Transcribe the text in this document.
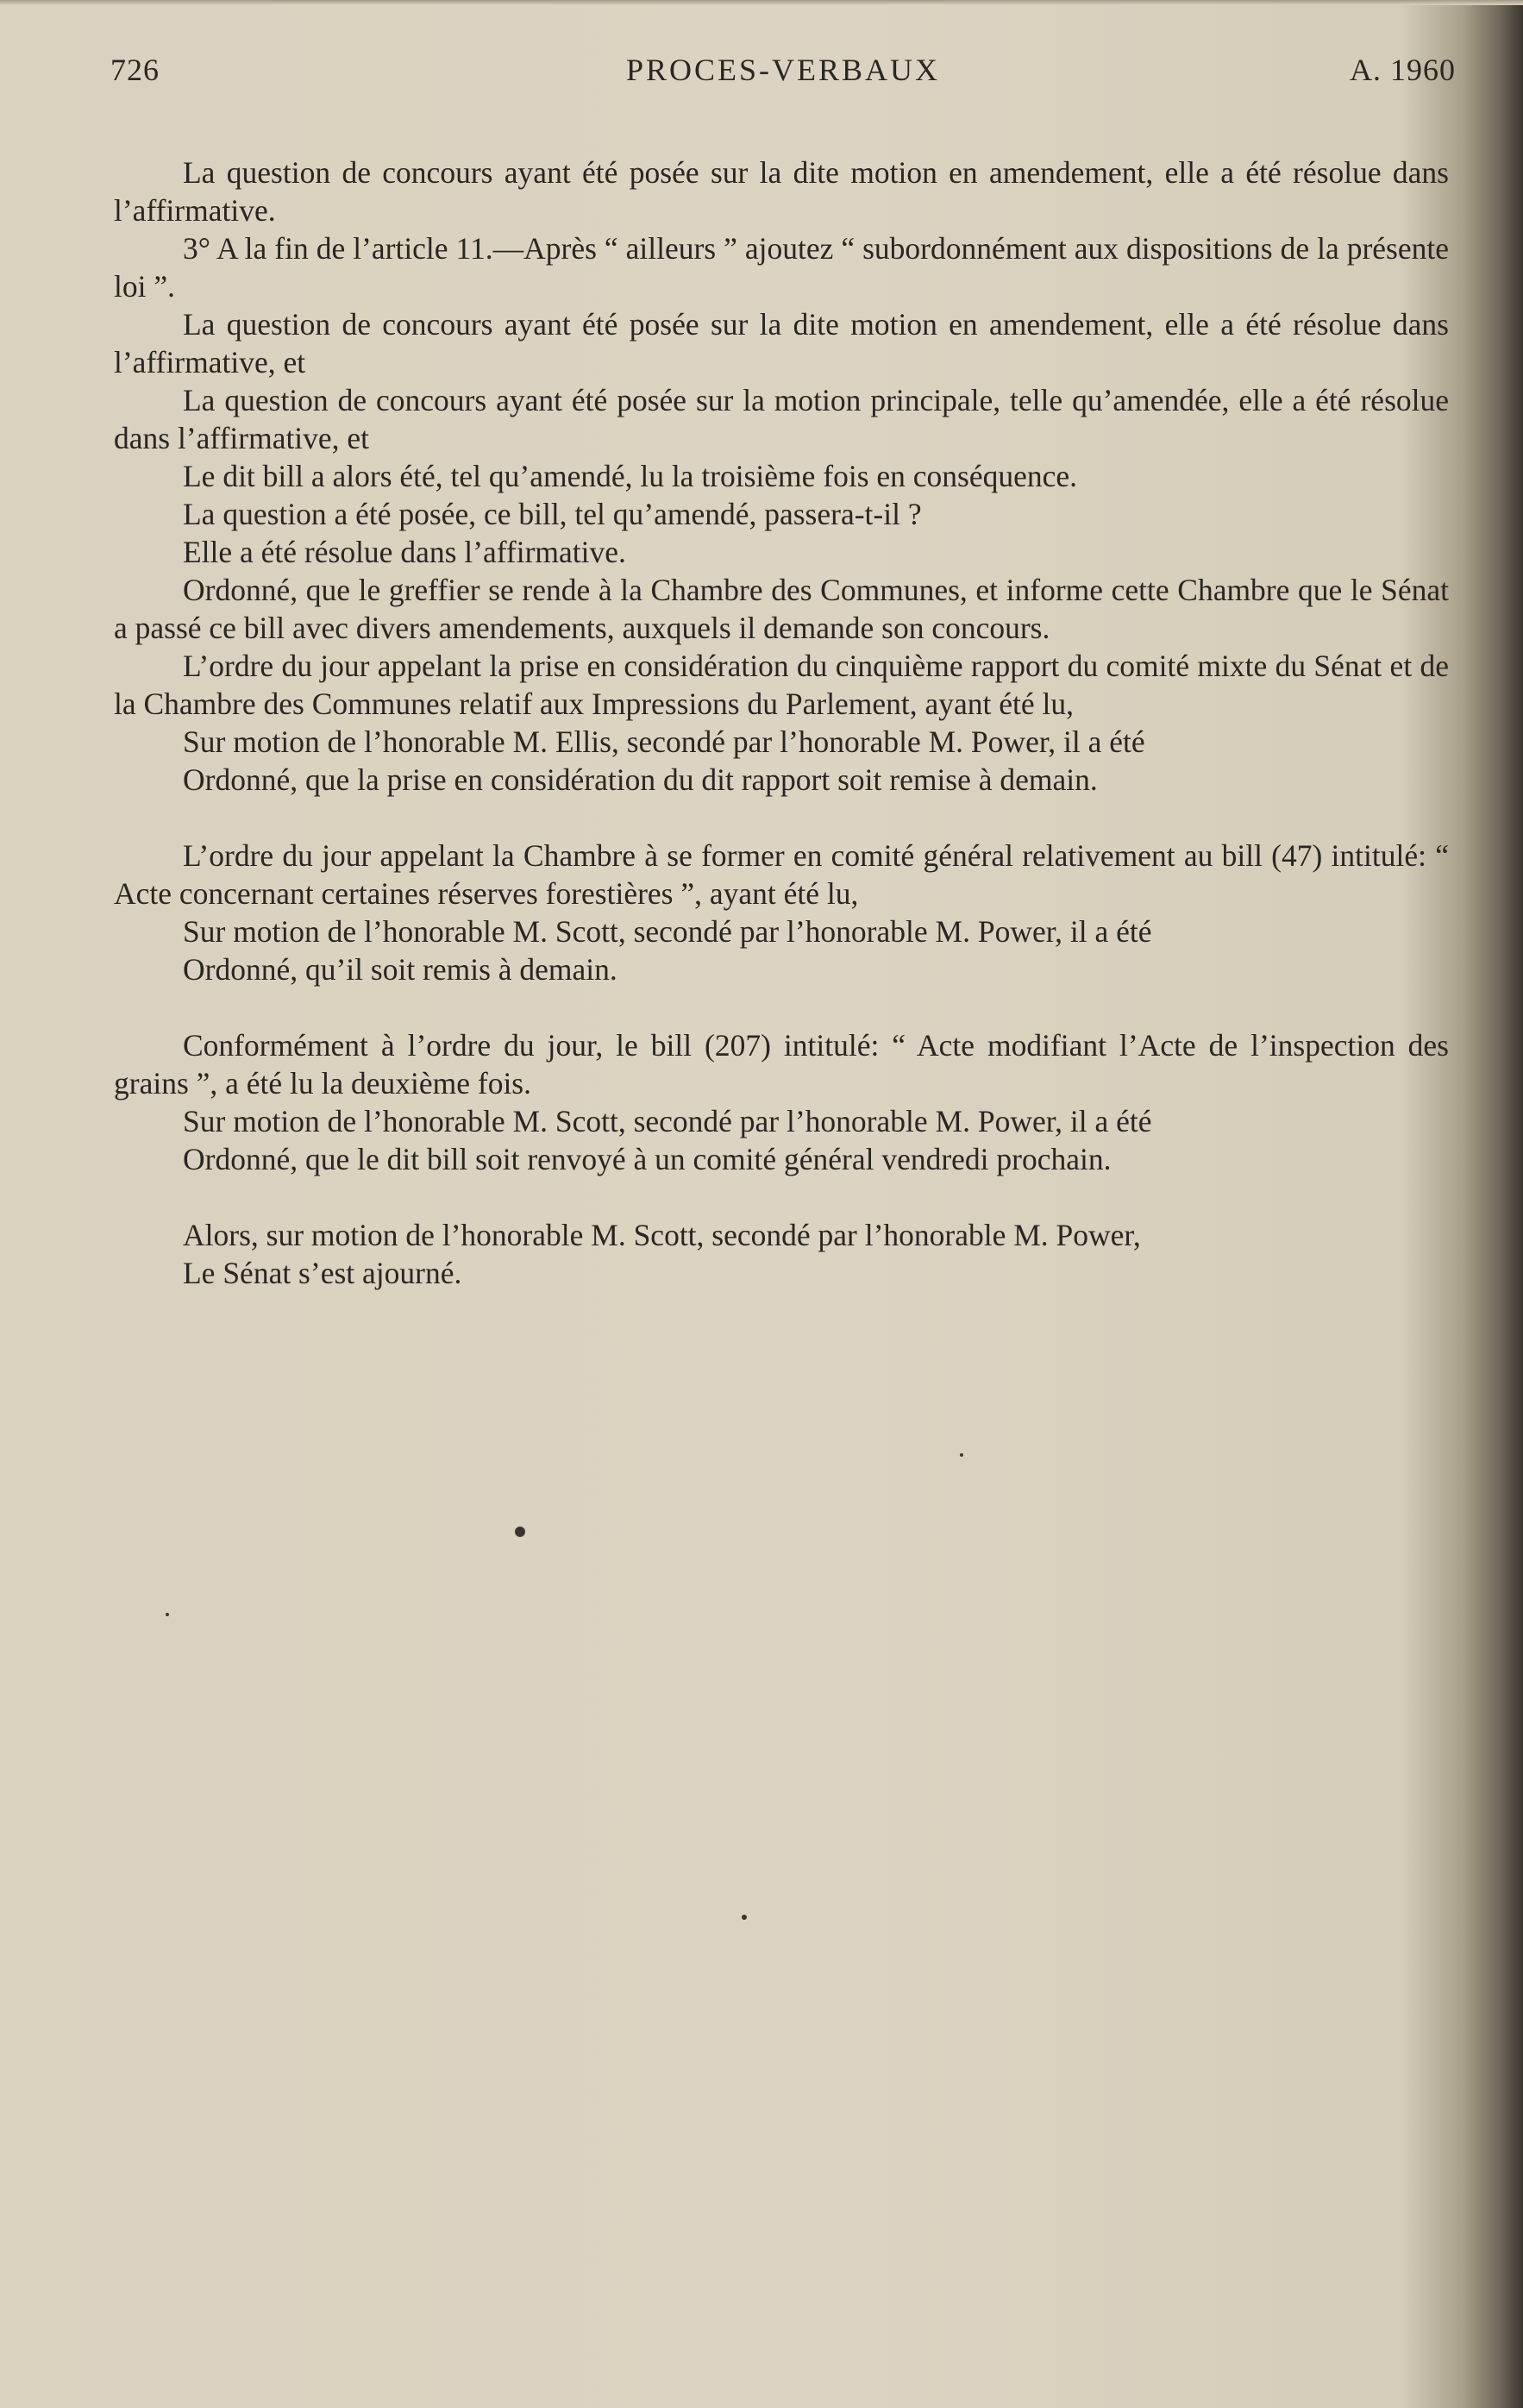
726	PROCES-VERBAUX	A. 1960

La question de concours ayant été posée sur la dite motion en amendement, elle a été résolue dans l’affirmative.

3° A la fin de l’article 11.—Après “ ailleurs ” ajoutez “ subordonnément aux dispositions de la présente loi ”.

La question de concours ayant été posée sur la dite motion en amendement, elle a été résolue dans l’affirmative, et

La question de concours ayant été posée sur la motion principale, telle qu’amendée, elle a été résolue dans l’affirmative, et

Le dit bill a alors été, tel qu’amendé, lu la troisième fois en conséquence.

La question a été posée, ce bill, tel qu’amendé, passera-t-il ?

Elle a été résolue dans l’affirmative.

Ordonné, que le greffier se rende à la Chambre des Communes, et informe cette Chambre que le Sénat a passé ce bill avec divers amendements, auxquels il demande son concours.

L’ordre du jour appelant la prise en considération du cinquième rapport du comité mixte du Sénat et de la Chambre des Communes relatif aux Impressions du Parlement, ayant été lu,

Sur motion de l’honorable M. Ellis, secondé par l’honorable M. Power, il a été

Ordonné, que la prise en considération du dit rapport soit remise à demain.

L’ordre du jour appelant la Chambre à se former en comité général relativement au bill (47) intitulé: “ Acte concernant certaines réserves forestières ”, ayant été lu,

Sur motion de l’honorable M. Scott, secondé par l’honorable M. Power, il a été

Ordonné, qu’il soit remis à demain.

Conformément à l’ordre du jour, le bill (207) intitulé: “ Acte modifiant l’Acte de l’inspection des grains ”, a été lu la deuxième fois.

Sur motion de l’honorable M. Scott, secondé par l’honorable M. Power, il a été

Ordonné, que le dit bill soit renvoyé à un comité général vendredi prochain.

Alors, sur motion de l’honorable M. Scott, secondé par l’honorable M. Power,

Le Sénat s’est ajourné.
